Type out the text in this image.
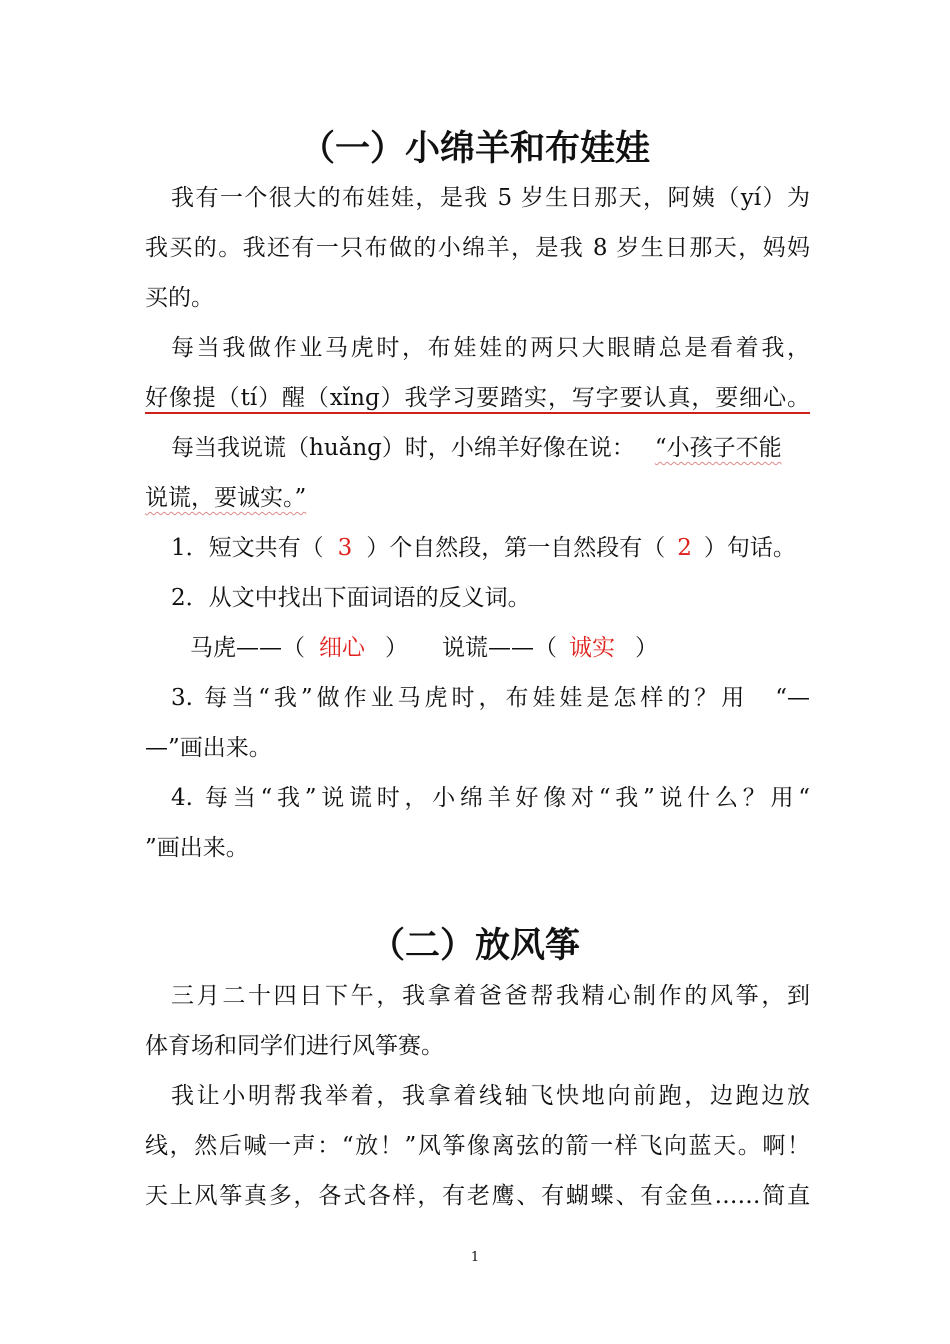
（一）小绵羊和布娃娃
我有一个很大的布娃娃，是我 5 岁生日那天，阿姨（yí）为
我买的。我还有一只布做的小绵羊，是我 8 岁生日那天，妈妈
买的。
每当我做作业马虎时，布娃娃的两只大眼睛总是看着我，
好像提（tí）醒（xǐnɡ）我学习要踏实，写字要认真，要细心。
每当我说谎（huǎnɡ）时，小绵羊好像在说： “小孩子不能
说谎，要诚实。”
1．短文共有（ 3 ）个自然段，第一自然段有（ 2 ）句话。
2．从文中找出下面词语的反义词。
马虎——（ 细心 ） 说谎——（ 诚实 ）
3. 每当“我”做作业马虎时，布娃娃是怎样的？用　“—
—”画出来。
4. 每当“我”说谎时，小绵羊好像对“我”说什么？用“
”画出来。
（二）放风筝
三月二十四日下午，我拿着爸爸帮我精心制作的风筝，到
体育场和同学们进行风筝赛。
我让小明帮我举着，我拿着线轴飞快地向前跑，边跑边放
线，然后喊一声：“放！”风筝像离弦的箭一样飞向蓝天。啊！
天上风筝真多，各式各样，有老鹰、有蝴蝶、有金鱼……简直
1
